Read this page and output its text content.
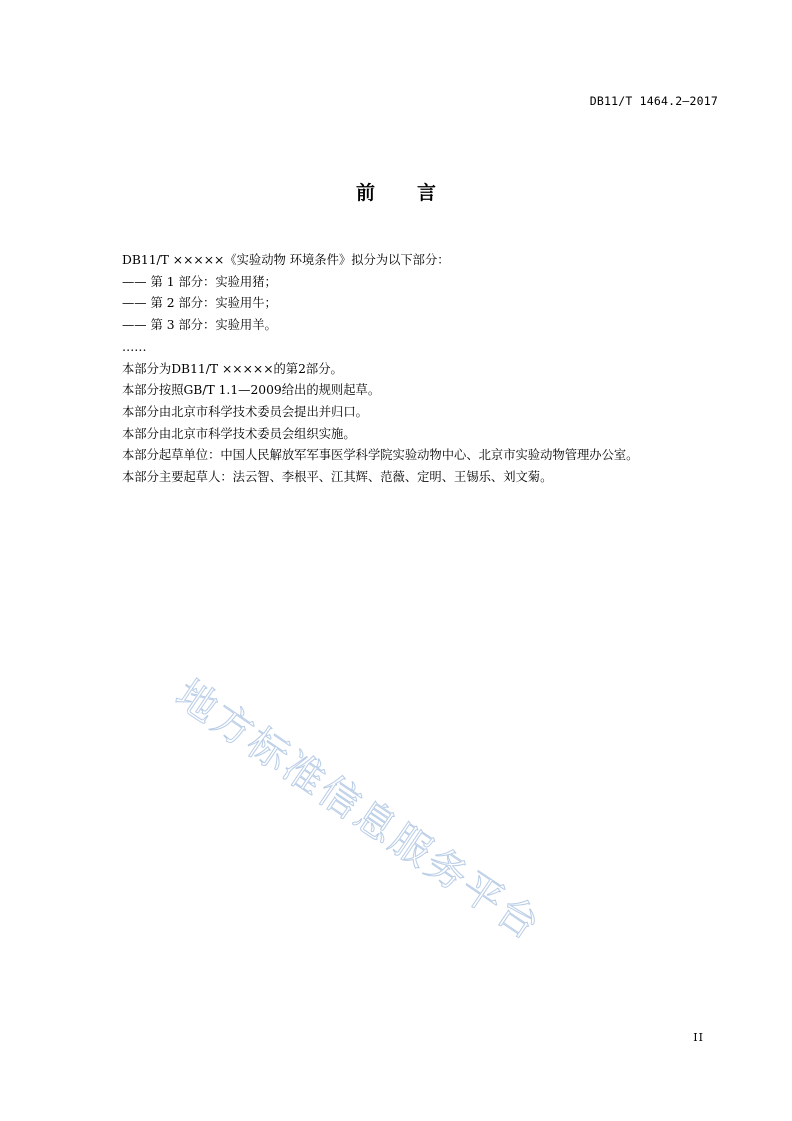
DB11/T 1464.2—2017
前 言

DB11/T ×××××《实验动物 环境条件》拟分为以下部分：

—— 第 1 部分：实验用猪；

—— 第 2 部分：实验用牛；

—— 第 3 部分：实验用羊。

……

本部分为DB11/T ×××××的第2部分。

本部分按照GB/T 1.1—2009给出的规则起草。

本部分由北京市科学技术委员会提出并归口。

本部分由北京市科学技术委员会组织实施。

本部分起草单位：中国人民解放军军事医学科学院实验动物中心、北京市实验动物管理办公室。

本部分主要起草人：法云智、李根平、江其辉、范薇、定明、王锡乐、刘文菊。

地方标准信息服务平台
II
